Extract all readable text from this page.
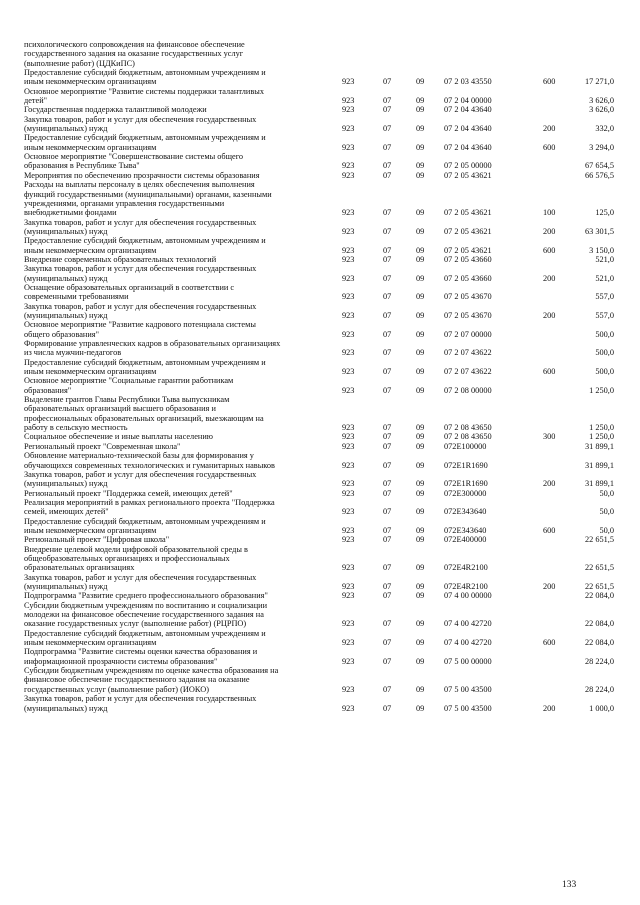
психологического сопровождения на финансовое обеспечение
государственного задания на оказание государственных услуг
(выполнение работ) (ЦДКиПС)
Предоставление субсидий бюджетным, автономным учреждениям и
иным некоммерческим организациям	923	07	09	07 2 03 43550	600	17 271,0
Основное мероприятие "Развитие системы поддержки талантливых
детей"	923	07	09	07 2 04 00000	3 626,0
Государственная поддержка талантливой молодежи	923	07	09	07 2 04 43640	3 626,0
Закупка товаров, работ и услуг для обеспечения государственных
(муниципальных) нужд	923	07	09	07 2 04 43640	200	332,0
Предоставление субсидий бюджетным, автономным учреждениям и
иным некоммерческим организациям	923	07	09	07 2 04 43640	600	3 294,0
Основное мероприятие "Совершенствование системы общего
образования в Республике Тыва"	923	07	09	07 2 05 00000	67 654,5
Мероприятия по обеспечению прозрачности системы образования	923	07	09	07 2 05 43621	66 576,5
Расходы на выплаты персоналу в целях обеспечения выполнения
функций государственными (муниципальными) органами, казенными
учреждениями, органами управления государственными
внебюджетными фондами	923	07	09	07 2 05 43621	100	125,0
Закупка товаров, работ и услуг для обеспечения государственных
(муниципальных) нужд	923	07	09	07 2 05 43621	200	63 301,5
Предоставление субсидий бюджетным, автономным учреждениям и
иным некоммерческим организациям	923	07	09	07 2 05 43621	600	3 150,0
Внедрение современных образовательных технологий	923	07	09	07 2 05 43660	521,0
Закупка товаров, работ и услуг для обеспечения государственных
(муниципальных) нужд	923	07	09	07 2 05 43660	200	521,0
Оснащение образовательных организаций в соответствии с
современными требованиями	923	07	09	07 2 05 43670	557,0
Закупка товаров, работ и услуг для обеспечения государственных
(муниципальных) нужд	923	07	09	07 2 05 43670	200	557,0
Основное мероприятие "Развитие кадрового потенциала системы
общего образования"	923	07	09	07 2 07 00000	500,0
Формирование управленческих кадров в образовательных организациях
из числа мужчин-педагогов	923	07	09	07 2 07 43622	500,0
Предоставление субсидий бюджетным, автономным учреждениям и
иным некоммерческим организациям	923	07	09	07 2 07 43622	600	500,0
Основное мероприятие "Социальные гарантии работникам
образования"	923	07	09	07 2 08 00000	1 250,0
Выделение грантов Главы Республики Тыва выпускникам
образовательных организаций высшего образования и
профессиональных образовательных организаций, выезжающим на
работу в сельскую местность	923	07	09	07 2 08 43650	1 250,0
Социальное обеспечение и иные выплаты населению	923	07	09	07 2 08 43650	300	1 250,0
Региональный проект "Современная школа"	923	07	09	072E100000	31 899,1
Обновление материально-технической базы для формирования у
обучающихся современных технологических и гуманитарных навыков	923	07	09	072E1R1690	31 899,1
Закупка товаров, работ и услуг для обеспечения государственных
(муниципальных) нужд	923	07	09	072E1R1690	200	31 899,1
Региональный проект "Поддержка семей, имеющих детей"	923	07	09	072E300000	50,0
Реализация мероприятий в рамках регионального проекта "Поддержка
семей, имеющих детей"	923	07	09	072E343640	50,0
Предоставление субсидий бюджетным, автономным учреждениям и
иным некоммерческим организациям	923	07	09	072E343640	600	50,0
Региональный проект "Цифровая школа"	923	07	09	072E400000	22 651,5
Внедрение целевой модели цифровой образовательной среды в
общеобразовательных организациях и профессиональных
образовательных организациях	923	07	09	072E4R2100	22 651,5
Закупка товаров, работ и услуг для обеспечения государственных
(муниципальных) нужд	923	07	09	072E4R2100	200	22 651,5
Подпрограмма "Развитие среднего профессионального образования"	923	07	09	07 4 00 00000	22 084,0
Субсидии бюджетным учреждениям по воспитанию и социализации
молодежи на финансовое обеспечение государственного задания на
оказание государственных услуг (выполнение работ) (РЦРПО)	923	07	09	07 4 00 42720	22 084,0
Предоставление субсидий бюджетным, автономным учреждениям и
иным некоммерческим организациям	923	07	09	07 4 00 42720	600	22 084,0
Подпрограмма "Развитие системы оценки качества образования и
информационной прозрачности системы образования"	923	07	09	07 5 00 00000	28 224,0
Субсидии бюджетным учреждениям по оценке качества образования на
финансовое обеспечение государственного задания на оказание
государственных услуг (выполнение работ) (ИОКО)	923	07	09	07 5 00 43500	28 224,0
Закупка товаров, работ и услуг для обеспечения государственных
(муниципальных) нужд	923	07	09	07 5 00 43500	200	1 000,0
133
